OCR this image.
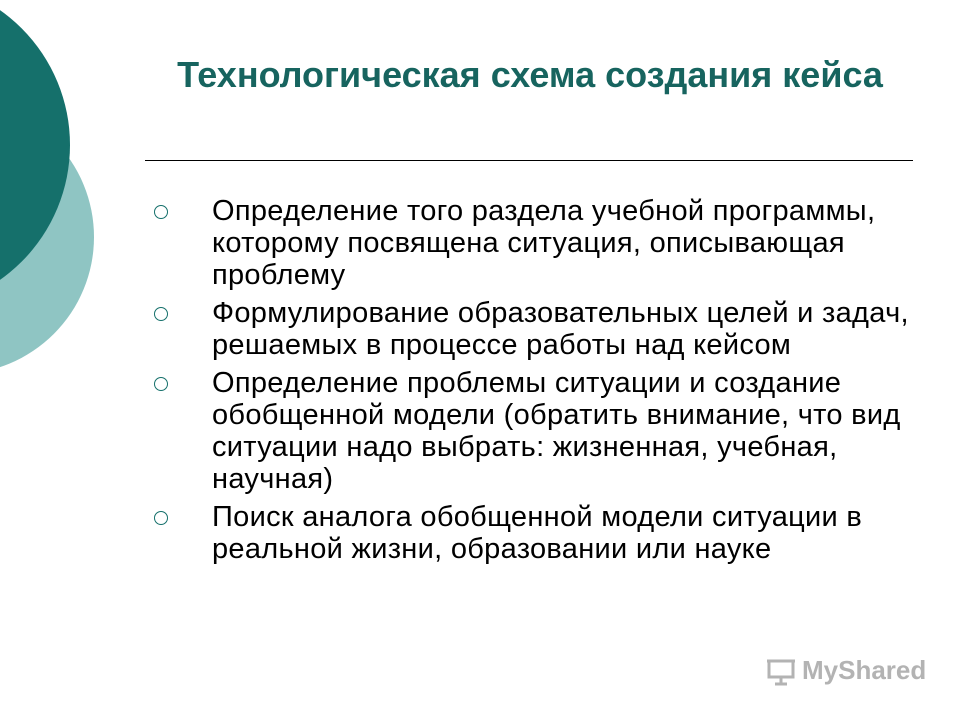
Технологическая схема создания кейса
Определение того раздела учебной программы, которому посвящена ситуация, описывающая проблему
Формулирование образовательных целей и задач, решаемых в процессе работы над кейсом
Определение проблемы ситуации и создание обобщенной модели (обратить внимание, что вид ситуации надо выбрать: жизненная, учебная, научная)
Поиск аналога обобщенной модели ситуации в реальной жизни, образовании или науке
MyShared
